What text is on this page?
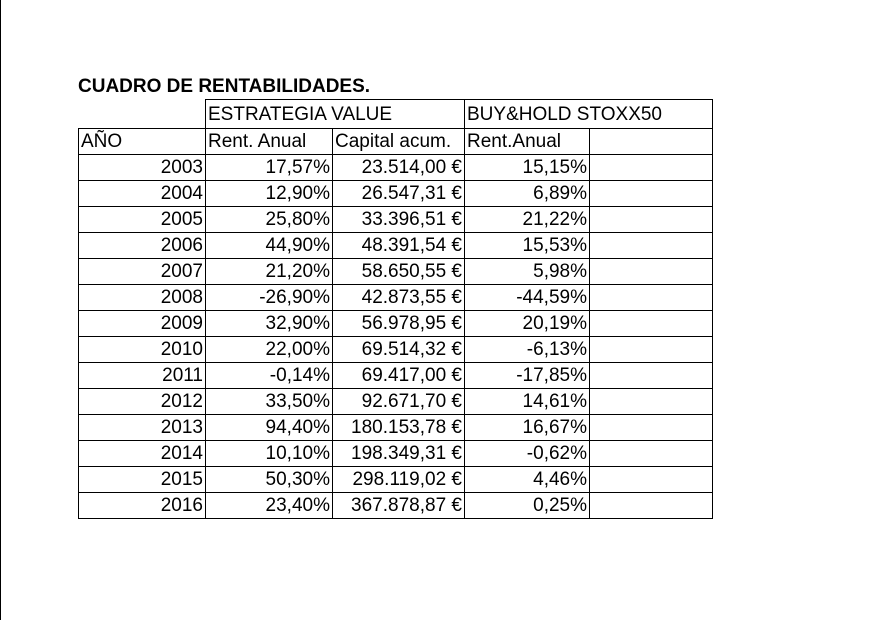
CUADRO DE RENTABILIDADES.
	ESTRATEGIA VALUE		BUY&HOLD STOXX50	
AÑO	Rent. Anual	Capital acum.	Rent.Anual	
2003	17,57%	23.514,00 €	15,15%	
2004	12,90%	26.547,31 €	6,89%	
2005	25,80%	33.396,51 €	21,22%	
2006	44,90%	48.391,54 €	15,53%	
2007	21,20%	58.650,55 €	5,98%	
2008	-26,90%	42.873,55 €	-44,59%	
2009	32,90%	56.978,95 €	20,19%	
2010	22,00%	69.514,32 €	-6,13%	
2011	-0,14%	69.417,00 €	-17,85%	
2012	33,50%	92.671,70 €	14,61%	
2013	94,40%	180.153,78 €	16,67%	
2014	10,10%	198.349,31 €	-0,62%	
2015	50,30%	298.119,02 €	4,46%	
2016	23,40%	367.878,87 €	0,25%	
